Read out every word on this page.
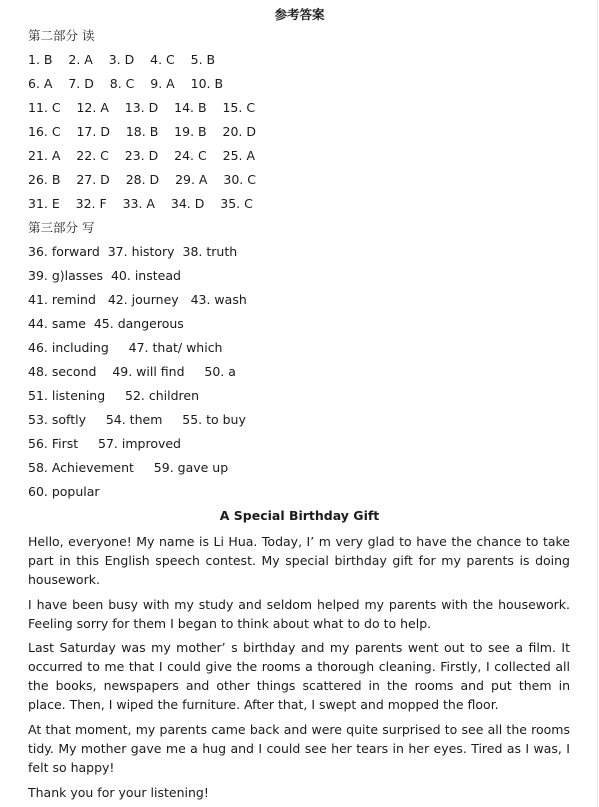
参考答案
第二部分 读
1. B    2. A    3. D    4. C    5. B
6. A    7. D    8. C    9. A    10. B
11. C    12. A    13. D    14. B    15. C
16. C    17. D    18. B    19. B    20. D
21. A    22. C    23. D    24. C    25. A
26. B    27. D    28. D    29. A    30. C
31. E    32. F    33. A    34. D    35. C
第三部分 写
36. forward  37. history  38. truth
39. g)lasses  40. instead
41. remind   42. journey   43. wash
44. same  45. dangerous
46. including     47. that/ which
48. second    49. will find     50. a
51. listening     52. children
53. softly     54. them     55. to buy
56. First     57. improved
58. Achievement     59. gave up
60. popular
A Special Birthday Gift
Hello, everyone! My name is Li Hua. Today, I’ m very glad to have the chance to take part in this English speech contest. My special birthday gift for my parents is doing housework.
I have been busy with my study and seldom helped my parents with the housework. Feeling sorry for them I began to think about what to do to help.
Last Saturday was my mother’ s birthday and my parents went out to see a film. It occurred to me that I could give the rooms a thorough cleaning. Firstly, I collected all the books, newspapers and other things scattered in the rooms and put them in place. Then, I wiped the furniture. After that, I swept and mopped the floor.
At that moment, my parents came back and were quite surprised to see all the rooms tidy. My mother gave me a hug and I could see her tears in her eyes. Tired as I was, I felt so happy!
Thank you for your listening!
